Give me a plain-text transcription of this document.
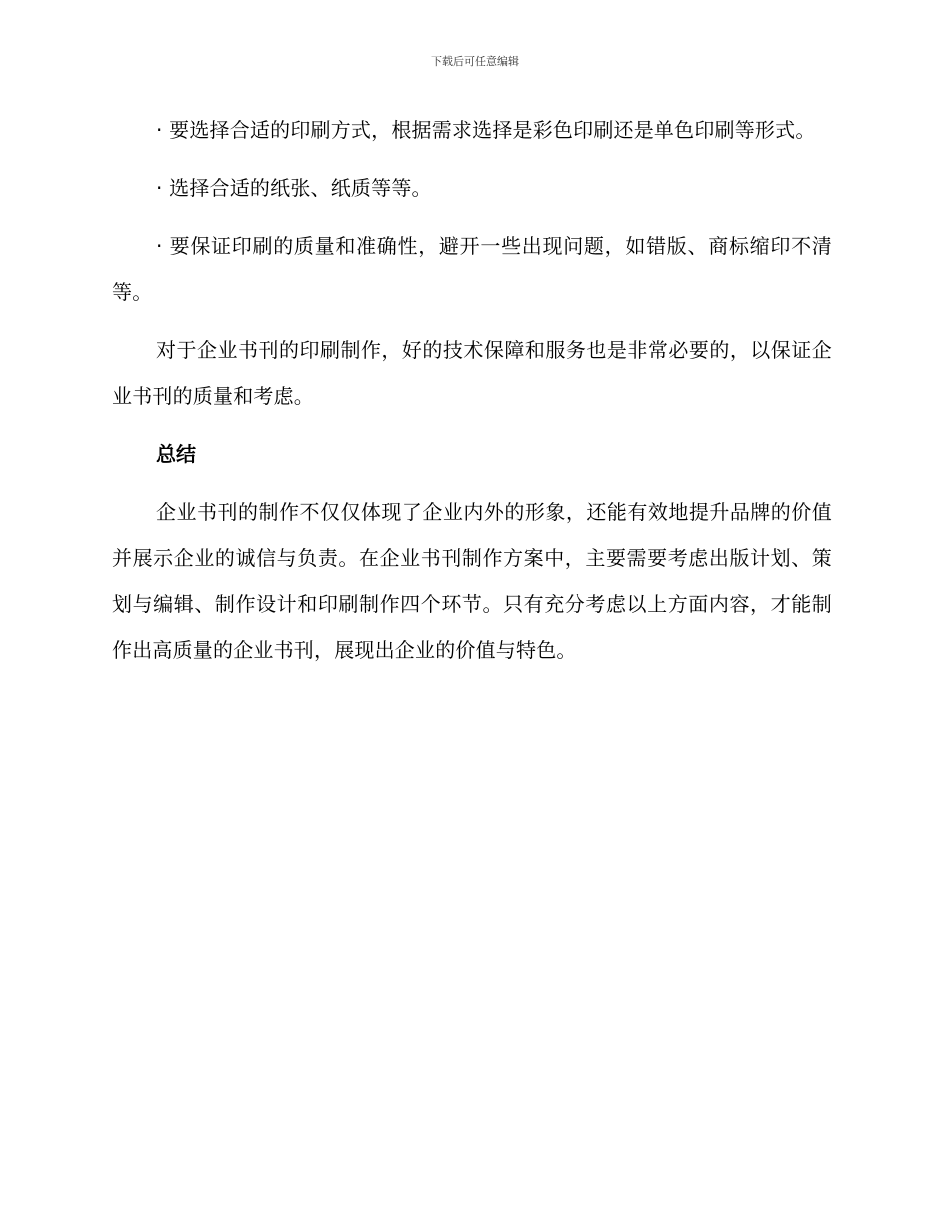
下载后可任意编辑

· 要选择合适的印刷方式，根据需求选择是彩色印刷还是单色印刷等形式。

· 选择合适的纸张、纸质等等。

· 要保证印刷的质量和准确性，避开一些出现问题，如错版、商标缩印不清等。

对于企业书刊的印刷制作，好的技术保障和服务也是非常必要的，以保证企业书刊的质量和考虑。

总结

企业书刊的制作不仅仅体现了企业内外的形象，还能有效地提升品牌的价值并展示企业的诚信与负责。在企业书刊制作方案中，主要需要考虑出版计划、策划与编辑、制作设计和印刷制作四个环节。只有充分考虑以上方面内容，才能制作出高质量的企业书刊，展现出企业的价值与特色。
